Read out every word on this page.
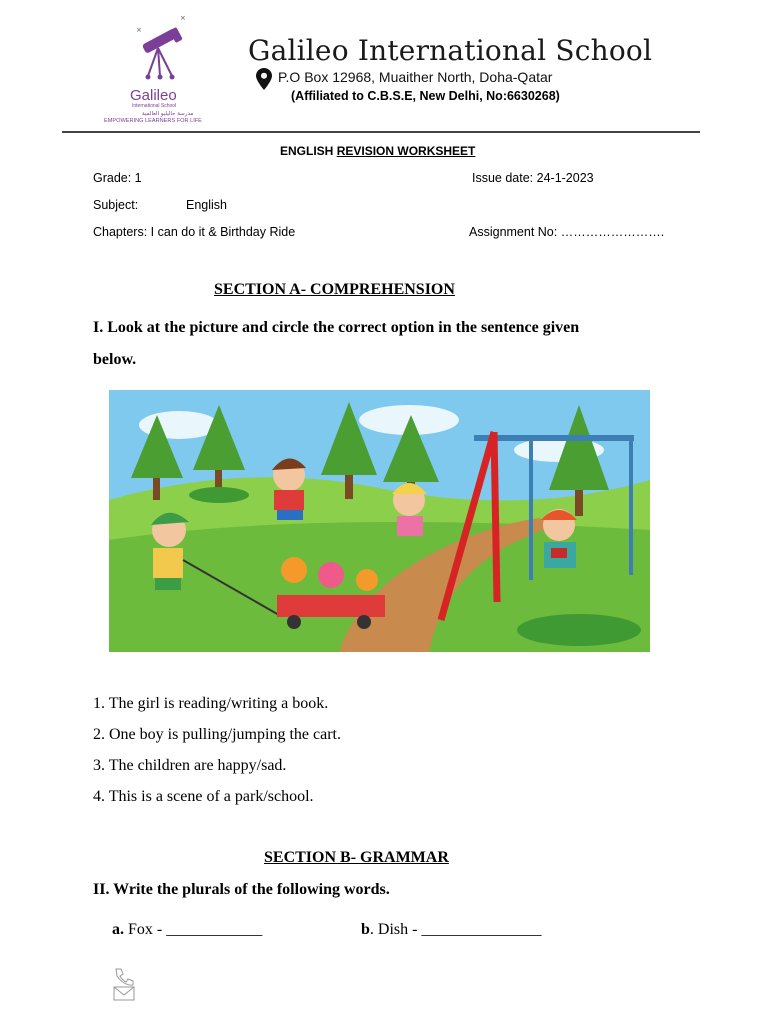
×
×
Galileo
International School
مدرسة جاليليو العالمية
EMPOWERING LEARNERS FOR LIFE
Galileo International School
P.O Box 12968, Muaither North, Doha-Qatar
(Affiliated to C.B.S.E, New Delhi, No:6630268)
ENGLISH REVISION WORKSHEET
Grade: 1	Issue date: 24-1-2023
Subject:	English
Chapters: I can do it & Birthday Ride	Assignment No: …………………….
SECTION A- COMPREHENSION
I. Look at the picture and circle the correct option in the sentence given
below.
1. The girl is reading/writing a book.
2. One boy is pulling/jumping the cart.
3. The children are happy/sad.
4. This is a scene of a park/school.
SECTION B- GRAMMAR
II. Write the plurals of the following words.
a. Fox - ____________	b. Dish - _______________
